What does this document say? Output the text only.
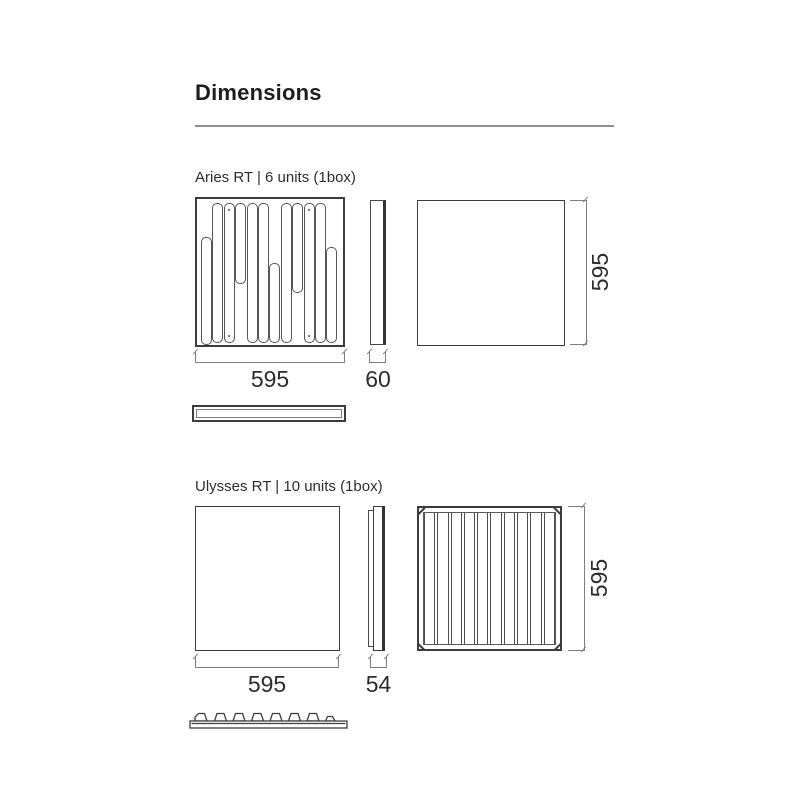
Dimensions
Aries RT | 6 units (1box)
595
595	60
Ulysses RT | 10 units (1box)
595
595	54
